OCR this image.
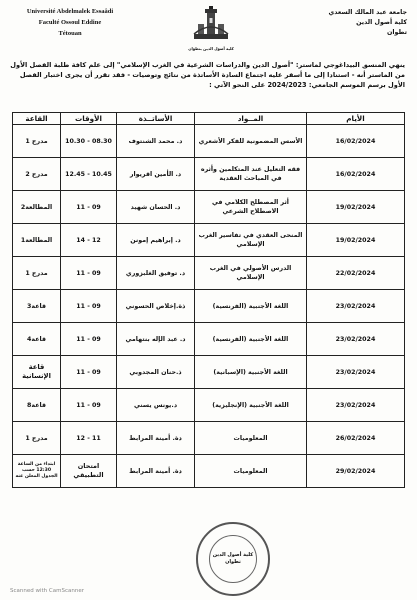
Université Abdelmalek Essaâdi
Faculté Ossoul Eddine
Tétouan
كلية أصول الدين بتطوان
جامعة عبد المالك السعدي
كلية أصول الدين
تطوان
ينهي المنسق البيداغوجي لماستر: "أصول الدين والدراسات الشرعية في الغرب الإسلامي" إلى علم كافة طلبة الفصل الأول من الماستر أنه - استنادا إلى ما أسفر عليه اجتماع السادة الأساتذة من نتائج وتوصيات - فقد تقرر أن يجرى اختبار الفصل الأول برسم الموسم الجامعي: 2024/2023 على النحو الآتي :
الأيام	المــواد	الأساتــذة	الأوقات	القاعة
16/02/2024	الأسس المضمونية للفكر الأشعري	د. محمد الشنتوف	08.30 - 10.30	مدرج 1
16/02/2024	فقه التعليل عند المتكلمين وأثره في المباحث العقدية	د. الأمين اقريوار	10.45 - 12.45	مدرج 2
19/02/2024	أثر المصطلح الكلامي في الاصطلاح الشرعي	د. الحسان شهيد	09 - 11	المطالعة2
19/02/2024	المنحى العقدي في تفاسير الغرب الإسلامي	د. إبراهيم إمونن	12 - 14	المطالعة1
22/02/2024	الدرس الأصولي في الغرب الإسلامي	د. توفيق الغلبزوري	09 - 11	مدرج 1
23/02/2024	اللغة الأجنبية (الفرنسية)	ذة.إخلاص الحسوني	09 - 11	قاعة3
23/02/2024	اللغة الأجنبية (الفرنسية)	د. عبد الإله بنتهامي	09 - 11	قاعة4
23/02/2024	اللغة الأجنبية (الإسبانية)	ذ.حنان المجدوبي	09 - 11	قاعة الإنسانية
23/02/2024	اللغة الأجنبية (الإنجليزية)	د.يونس يسني	09 - 11	قاعة8
26/02/2024	المعلوميات	دة. أمينة المرابط	11 - 12	مدرج 1
29/02/2024	المعلوميات	دة. أمينة المرابط	امتحان التطبيقي	ابتداء من الساعة 12:30 حسب الجدول المعلن عنه
كلية أصول الدين تطوان
Scanned with CamScanner
